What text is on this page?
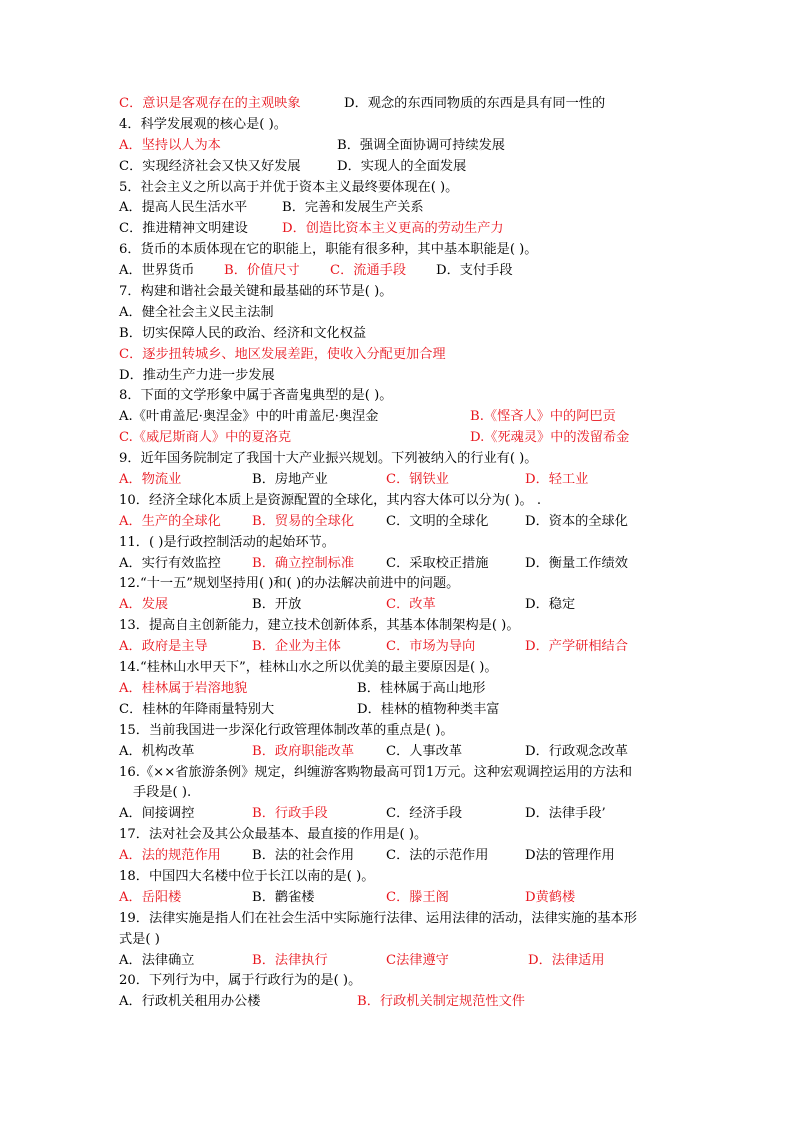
C．意识是客观存在的主观映象	D．观念的东西同物质的东西是具有同一性的
4．科学发展观的核心是( )。
A．坚持以人为本	B．强调全面协调可持续发展
C．实现经济社会又快又好发展	D．实现人的全面发展
5．社会主义之所以高于并优于资本主义最终要体现在( )。
A．提高人民生活水平	B．完善和发展生产关系
C．推进精神文明建设	D．创造比资本主义更高的劳动生产力
6．货币的本质体现在它的职能上，职能有很多种，其中基本职能是( )。
A．世界货币 B．价值尺寸 C．流通手段 D．支付手段
7．构建和谐社会最关键和最基础的环节是( )。
A．健全社会主义民主法制
B．切实保障人民的政治、经济和文化权益
C．逐步扭转城乡、地区发展差距，使收入分配更加合理
D．推动生产力进一步发展
8．下面的文学形象中属于吝啬鬼典型的是( )。
A.《叶甫盖尼·奥涅金》中的叶甫盖尼·奥涅金	B.《悭吝人》中的阿巴贡
C.《威尼斯商人》中的夏洛克	D.《死魂灵》中的泼留希金
9．近年国务院制定了我国十大产业振兴规划。下列被纳入的行业有( )。
A．物流业	B．房地产业	C．钢铁业	D．轻工业
10．经济全球化本质上是资源配置的全球化，其内容大体可以分为( )。 .
A．生产的全球化 B．贸易的全球化 C．文明的全球化	D．资本的全球化
11．( )是行政控制活动的起始环节。
A．实行有效监控 B．确立控制标准 C．采取校正措施	D．衡量工作绩效
12.“十一五”规划坚持用( )和( )的办法解决前进中的问题。
A．发展	B．开放	C．改革	D．稳定
13．提高自主创新能力，建立技术创新体系，其基本体制架构是( )。
A．政府是主导	B．企业为主体	C．市场为导向	D．产学研相结合
14.“桂林山水甲天下”，桂林山水之所以优美的最主要原因是( )。
A．桂林属于岩溶地貌	B．桂林属于高山地形
C．桂林的年降雨量特别大	D．桂林的植物种类丰富
15．当前我国进一步深化行政管理体制改革的重点是( )。
A．机构改革	B．政府职能改革 C．人事改革	D．行政观念改革
16.《××省旅游条例》规定，纠缠游客购物最高可罚1万元。这种宏观调控运用的方法和
手段是( ).
A．间接调控	B．行政手段	C．经济手段	D．法律手段’
17．法对社会及其公众最基本、最直接的作用是( )。
A．法的规范作用 B．法的社会作用 C．法的示范作用	D法的管理作用
18．中国四大名楼中位于长江以南的是( )。
A．岳阳楼	B．鹳雀楼	C．滕王阁	D黄鹤楼
19．法律实施是指人们在社会生活中实际施行法律、运用法律的活动，法律实施的基本形
式是( )
A．法律确立	B．法律执行	C法律遵守	D．法律适用
20．下列行为中，属于行政行为的是( )。
A．行政机关租用办公楼	B．行政机关制定规范性文件
